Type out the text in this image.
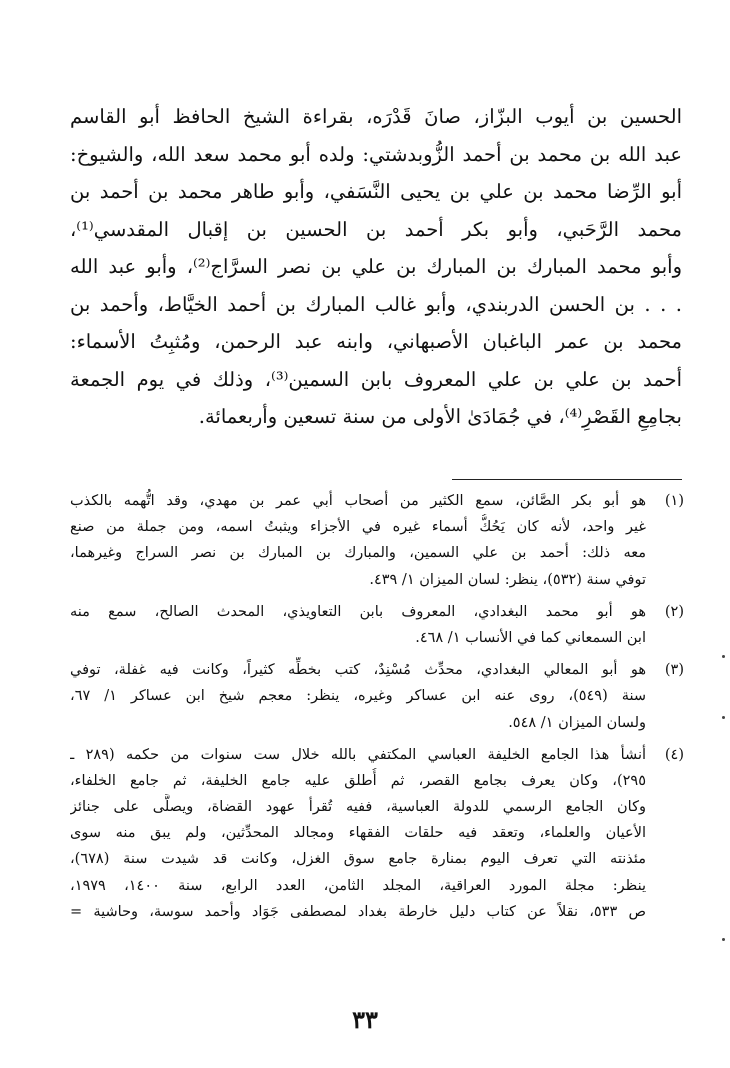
الحسين بن أيوب البزّاز، صانَ قَدْرَه، بقراءة الشيخ الحافظ أبو القاسم
عبد الله بن محمد بن أحمد الزُّوبدشتي: ولده أبو محمد سعد الله، والشيوخ:
أبو الرِّضا محمد بن علي بن يحيى النَّسَفي، وأبو طاهر محمد بن أحمد بن
محمد الرَّحَبي، وأبو بكر أحمد بن الحسين بن إقبال المقدسي⁽¹⁾،
وأبو محمد المبارك بن المبارك بن علي بن نصر السرَّاج⁽²⁾، وأبو عبد الله
. . . بن الحسن الدربندي، وأبو غالب المبارك بن أحمد الخيَّاط، وأحمد بن
محمد بن عمر الباغبان الأصبهاني، وابنه عبد الرحمن، ومُثبِتُ الأسماء:
أحمد بن علي بن علي المعروف بابن السمين⁽³⁾، وذلك في يوم الجمعة
بجامِعِ القَصْرِ⁽⁴⁾، في جُمَادَىٰ الأولى من سنة تسعين وأربعمائة.
(١)
هو أبو بكر الصَّائن، سمع الكثير من أصحاب أبي عمر بن مهدي، وقد اتُّهمه بالكذب
غير واحد، لأنه كان يَحُكُّ أسماء غيره في الأجزاء ويثبتُ اسمه، ومن جملة من صنع
معه ذلك: أحمد بن علي السمين، والمبارك بن المبارك بن نصر السراج وغيرهما،
توفي سنة (٥٣٢)، ينظر: لسان الميزان ١/ ٤٣٩.
(٢)
هو أبو محمد البغدادي، المعروف بابن التعاويذي، المحدث الصالح، سمع منه
ابن السمعاني كما في الأنساب ١/ ٤٦٨.
(٣)
هو أبو المعالي البغدادي، محدِّث مُسْنِدٌ، كتب بخطِّه كثيراً، وكانت فيه غفلة، توفي
سنة (٥٤٩)، روى عنه ابن عساكر وغيره، ينظر: معجم شيخ ابن عساكر ١/ ٦٧،
ولسان الميزان ١/ ٥٤٨.
(٤)
أنشأ هذا الجامع الخليفة العباسي المكتفي بالله خلال ست سنوات من حكمه (٢٨٩ ـ
٢٩٥)، وكان يعرف بجامع القصر، ثم أُطلق عليه جامع الخليفة، ثم جامع الخلفاء،
وكان الجامع الرسمي للدولة العباسية، ففيه تُقرأ عهود القضاة، ويصلَّى على جنائز
الأعيان والعلماء، وتعقد فيه حلقات الفقهاء ومجالد المحدِّثين، ولم يبق منه سوى
مئذنته التي تعرف اليوم بمنارة جامع سوق الغزل، وكانت قد شيدت سنة (٦٧٨)،
ينظر: مجلة المورد العراقية، المجلد الثامن، العدد الرابع، سنة ١٤٠٠، ١٩٧٩،
ص ٥٣٣، نقلاً عن كتاب دليل خارطة بغداد لمصطفى جَوَاد وأحمد سوسة، وحاشية =
٣٣
